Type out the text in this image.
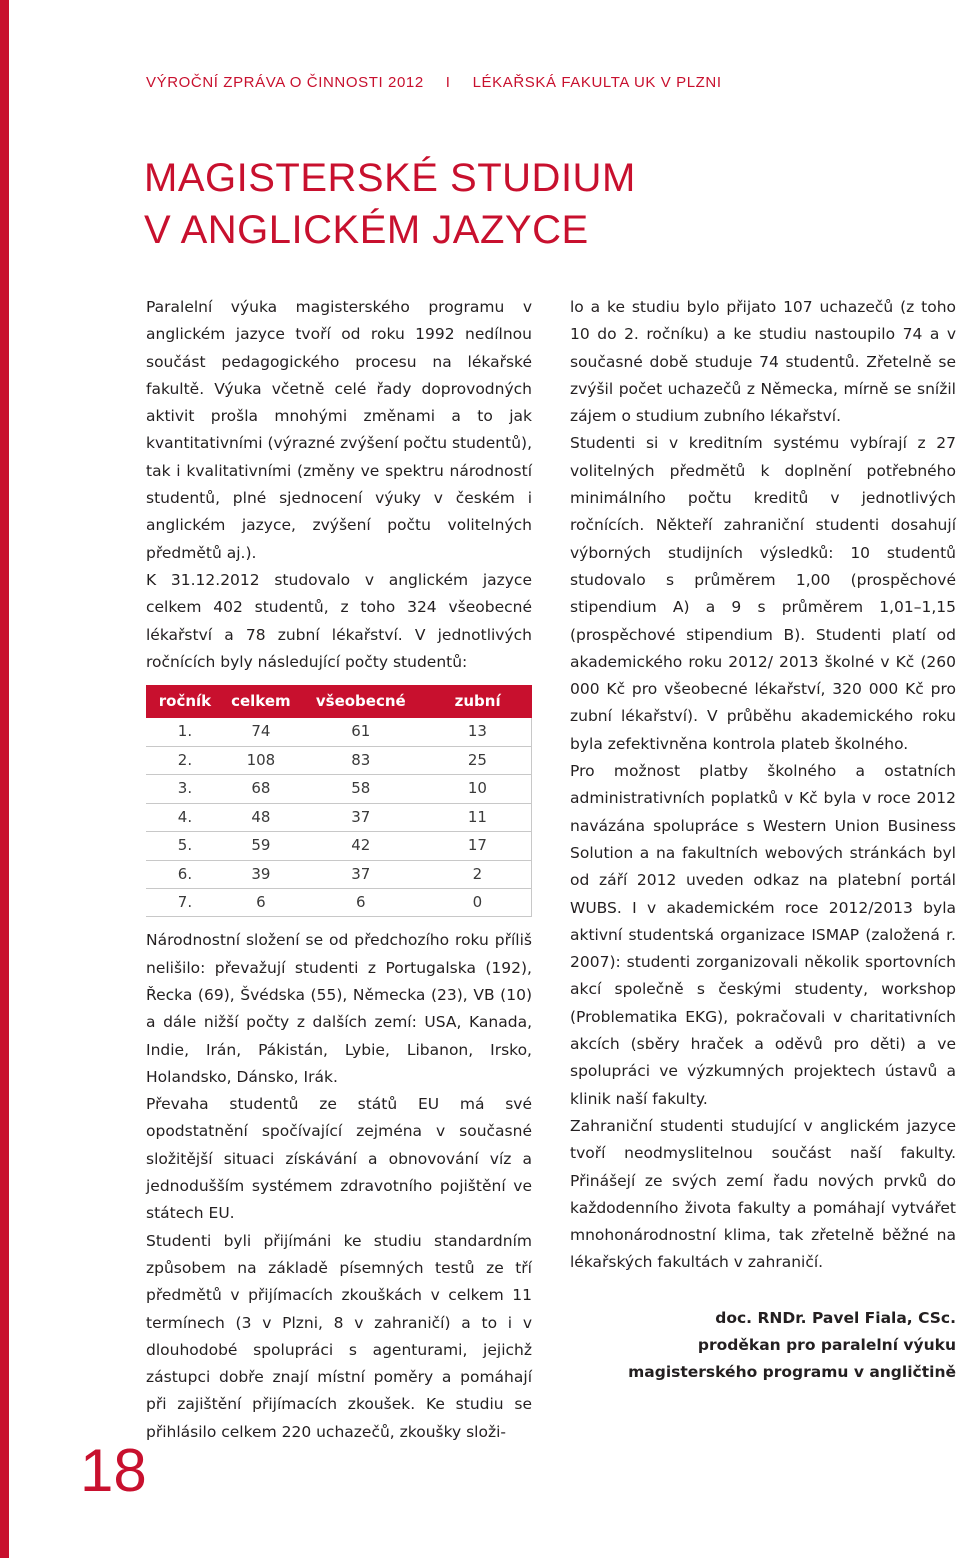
VÝROČNÍ ZPRÁVA O ČINNOSTI 2012 I LÉKAŘSKÁ FAKULTA UK V PLZNI
MAGISTERSKÉ STUDIUM
V ANGLICKÉM JAZYCE

Paralelní výuka magisterského programu v anglickém jazyce tvoří od roku 1992 nedílnou součást pedagogického procesu na lékařské fakultě. Výuka včetně celé řady doprovodných aktivit prošla mnohými změnami a to jak kvantitativními (výrazné zvýšení počtu studentů), tak i kvalitativními (změny ve spektru národností studentů, plné sjednocení výuky v českém i anglickém jazyce, zvýšení počtu volitelných předmětů aj.).

K 31.12.2012 studovalo v anglickém jazyce celkem 402 studentů, z toho 324 všeobecné lékařství a 78 zubní lékařství. V jednotlivých ročnících byly následující počty studentů:

ročník	celkem	všeobecné	zubní
1.	74	61	13
2.	108	83	25
3.	68	58	10
4.	48	37	11
5.	59	42	17
6.	39	37	2
7.	6	6	0

Národnostní složení se od předchozího roku příliš nelišilo: převažují studenti z Portugalska (192), Řecka (69), Švédska (55), Německa (23), VB (10) a dále nižší počty z dalších zemí: USA, Kanada, Indie, Irán, Pákistán, Lybie, Libanon, Irsko, Holandsko, Dánsko, Irák.

Převaha studentů ze států EU má své opodstatnění spočívající zejména v současné složitější situaci získávání a obnovování víz a jednodušším systémem zdravotního pojištění ve státech EU.

Studenti byli přijímáni ke studiu standardním způsobem na základě písemných testů ze tří předmětů v přijímacích zkouškách v celkem 11 termínech (3 v Plzni, 8 v zahraničí) a to i v dlouhodobé spolupráci s agenturami, jejichž zástupci dobře znají místní poměry a pomáhají při zajištění přijímacích zkoušek. Ke studiu se přihlásilo celkem 220 uchazečů, zkoušky složi-

lo a ke studiu bylo přijato 107 uchazečů (z toho 10 do 2. ročníku) a ke studiu nastoupilo 74 a v současné době studuje 74 studentů. Zřetelně se zvýšil počet uchazečů z Německa, mírně se snížil zájem o studium zubního lékařství.

Studenti si v kreditním systému vybírají z 27 volitelných předmětů k doplnění potřebného minimálního počtu kreditů v jednotlivých ročnících. Někteří zahraniční studenti dosahují výborných studijních výsledků: 10 studentů studovalo s průměrem 1,00 (prospěchové stipendium A) a 9 s průměrem 1,01–1,15 (prospěchové stipendium B). Studenti platí od akademického roku 2012/ 2013 školné v Kč (260 000 Kč pro všeobecné lékařství, 320 000 Kč pro zubní lékařství). V průběhu akademického roku byla zefektivněna kontrola plateb školného.

Pro možnost platby školného a ostatních administrativních poplatků v Kč byla v roce 2012 navázána spolupráce s Western Union Business Solution a na fakultních webových stránkách byl od září 2012 uveden odkaz na platební portál WUBS. I v akademickém roce 2012/2013 byla aktivní studentská organizace ISMAP (založená r. 2007): studenti zorganizovali několik sportovních akcí společně s českými studenty, workshop (Problematika EKG), pokračovali v charitativních akcích (sběry hraček a oděvů pro děti) a ve spolupráci ve výzkumných projektech ústavů a klinik naší fakulty.

Zahraniční studenti studující v anglickém jazyce tvoří neodmyslitelnou součást naší fakulty. Přinášejí ze svých zemí řadu nových prvků do každodenního života fakulty a pomáhají vytvářet mnohonárodnostní klima, tak zřetelně běžné na lékařských fakultách v zahraničí.

doc. RNDr. Pavel Fiala, CSc.
proděkan pro paralelní výuku
magisterského programu v angličtině
18
